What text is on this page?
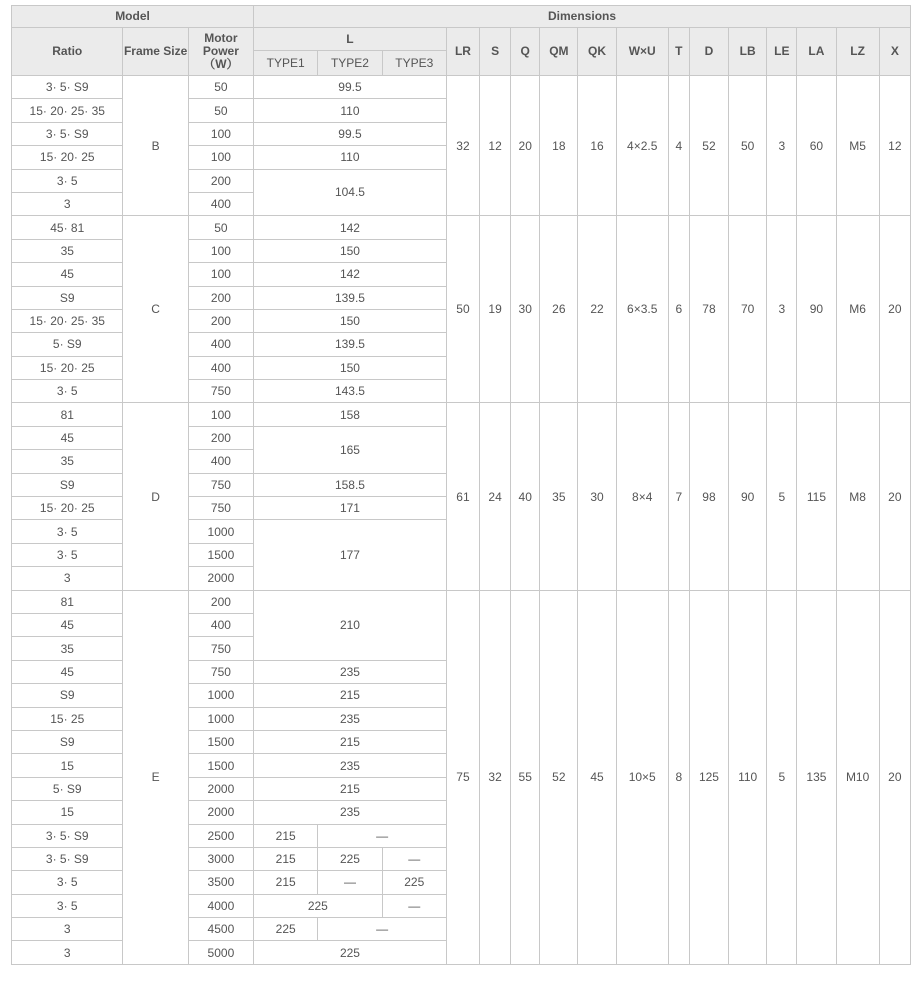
Model			Dimensions															
Ratio	Frame Size	Motor Power （W）	L			LR	S	Q	QM	QK	W×U	T	D	LB	LE	LA	LZ	X
			TYPE1	TYPE2	TYPE3													
3· 5· S9	B	50	99.5			32	12	20	18	16	4×2.5	4	52	50	3	60	M5	12
15· 20· 25· 35		50	110															
3· 5· S9		100	99.5															
15· 20· 25		100	110															
3· 5		200	104.5															
3		400																
45· 81	C	50	142			50	19	30	26	22	6×3.5	6	78	70	3	90	M6	20
35		100	150															
45		100	142															
S9		200	139.5															
15· 20· 25· 35		200	150															
5· S9		400	139.5															
15· 20· 25		400	150															
3· 5		750	143.5															
81	D	100	158			61	24	40	35	30	8×4	7	98	90	5	115	M8	20
45		200	165															
35		400																
S9		750	158.5															
15· 20· 25		750	171															
3· 5		1000	177															
3· 5		1500																
3		2000																
81	E	200	210			75	32	55	52	45	10×5	8	125	110	5	135	M10	20
45		400																
35		750																
45		750	235															
S9		1000	215															
15· 25		1000	235															
S9		1500	215															
15		1500	235															
5· S9		2000	215															
15		2000	235															
3· 5· S9		2500	215	―														
3· 5· S9		3000	215	225	―													
3· 5		3500	215	―	225													
3· 5		4000	225		―													
3		4500	225	―														
3		5000	225															
